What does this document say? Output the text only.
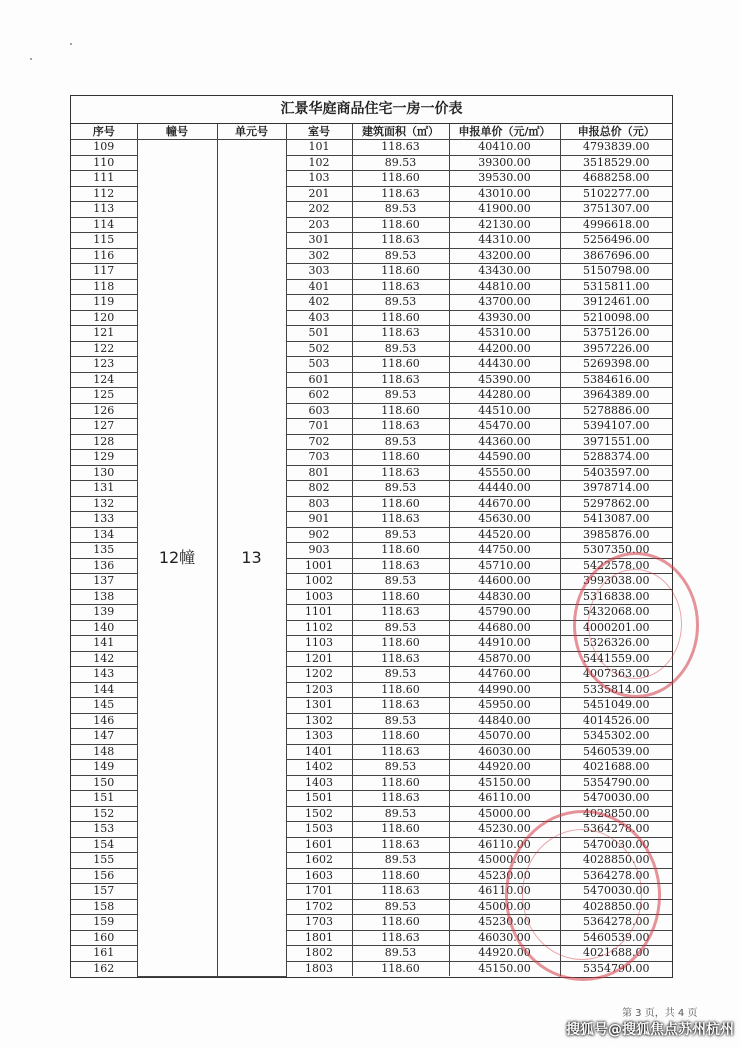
汇景华庭商品住宅一房一价表
序号	幢号	单元号	室号	建筑面积（㎡）	申报单价（元/㎡）	申报总价（元）
109	12幢	13	101	118.63	40410.00	4793839.00
110			102	89.53	39300.00	3518529.00
111			103	118.60	39530.00	4688258.00
112			201	118.63	43010.00	5102277.00
113			202	89.53	41900.00	3751307.00
114			203	118.60	42130.00	4996618.00
115			301	118.63	44310.00	5256496.00
116			302	89.53	43200.00	3867696.00
117			303	118.60	43430.00	5150798.00
118			401	118.63	44810.00	5315811.00
119			402	89.53	43700.00	3912461.00
120			403	118.60	43930.00	5210098.00
121			501	118.63	45310.00	5375126.00
122			502	89.53	44200.00	3957226.00
123			503	118.60	44430.00	5269398.00
124			601	118.63	45390.00	5384616.00
125			602	89.53	44280.00	3964389.00
126			603	118.60	44510.00	5278886.00
127			701	118.63	45470.00	5394107.00
128			702	89.53	44360.00	3971551.00
129			703	118.60	44590.00	5288374.00
130			801	118.63	45550.00	5403597.00
131			802	89.53	44440.00	3978714.00
132			803	118.60	44670.00	5297862.00
133			901	118.63	45630.00	5413087.00
134			902	89.53	44520.00	3985876.00
135			903	118.60	44750.00	5307350.00
136			1001	118.63	45710.00	5422578.00
137			1002	89.53	44600.00	3993038.00
138			1003	118.60	44830.00	5316838.00
139			1101	118.63	45790.00	5432068.00
140			1102	89.53	44680.00	4000201.00
141			1103	118.60	44910.00	5326326.00
142			1201	118.63	45870.00	5441559.00
143			1202	89.53	44760.00	4007363.00
144			1203	118.60	44990.00	5335814.00
145			1301	118.63	45950.00	5451049.00
146			1302	89.53	44840.00	4014526.00
147			1303	118.60	45070.00	5345302.00
148			1401	118.63	46030.00	5460539.00
149			1402	89.53	44920.00	4021688.00
150			1403	118.60	45150.00	5354790.00
151			1501	118.63	46110.00	5470030.00
152			1502	89.53	45000.00	4028850.00
153			1503	118.60	45230.00	5364278.00
154			1601	118.63	46110.00	5470030.00
155			1602	89.53	45000.00	4028850.00
156			1603	118.60	45230.00	5364278.00
157			1701	118.63	46110.00	5470030.00
158			1702	89.53	45000.00	4028850.00
159			1703	118.60	45230.00	5364278.00
160			1801	118.63	46030.00	5460539.00
161			1802	89.53	44920.00	4021688.00
162			1803	118.60	45150.00	5354790.00
第 3 页，共 4 页
搜狐号@搜狐焦点苏州杭州
